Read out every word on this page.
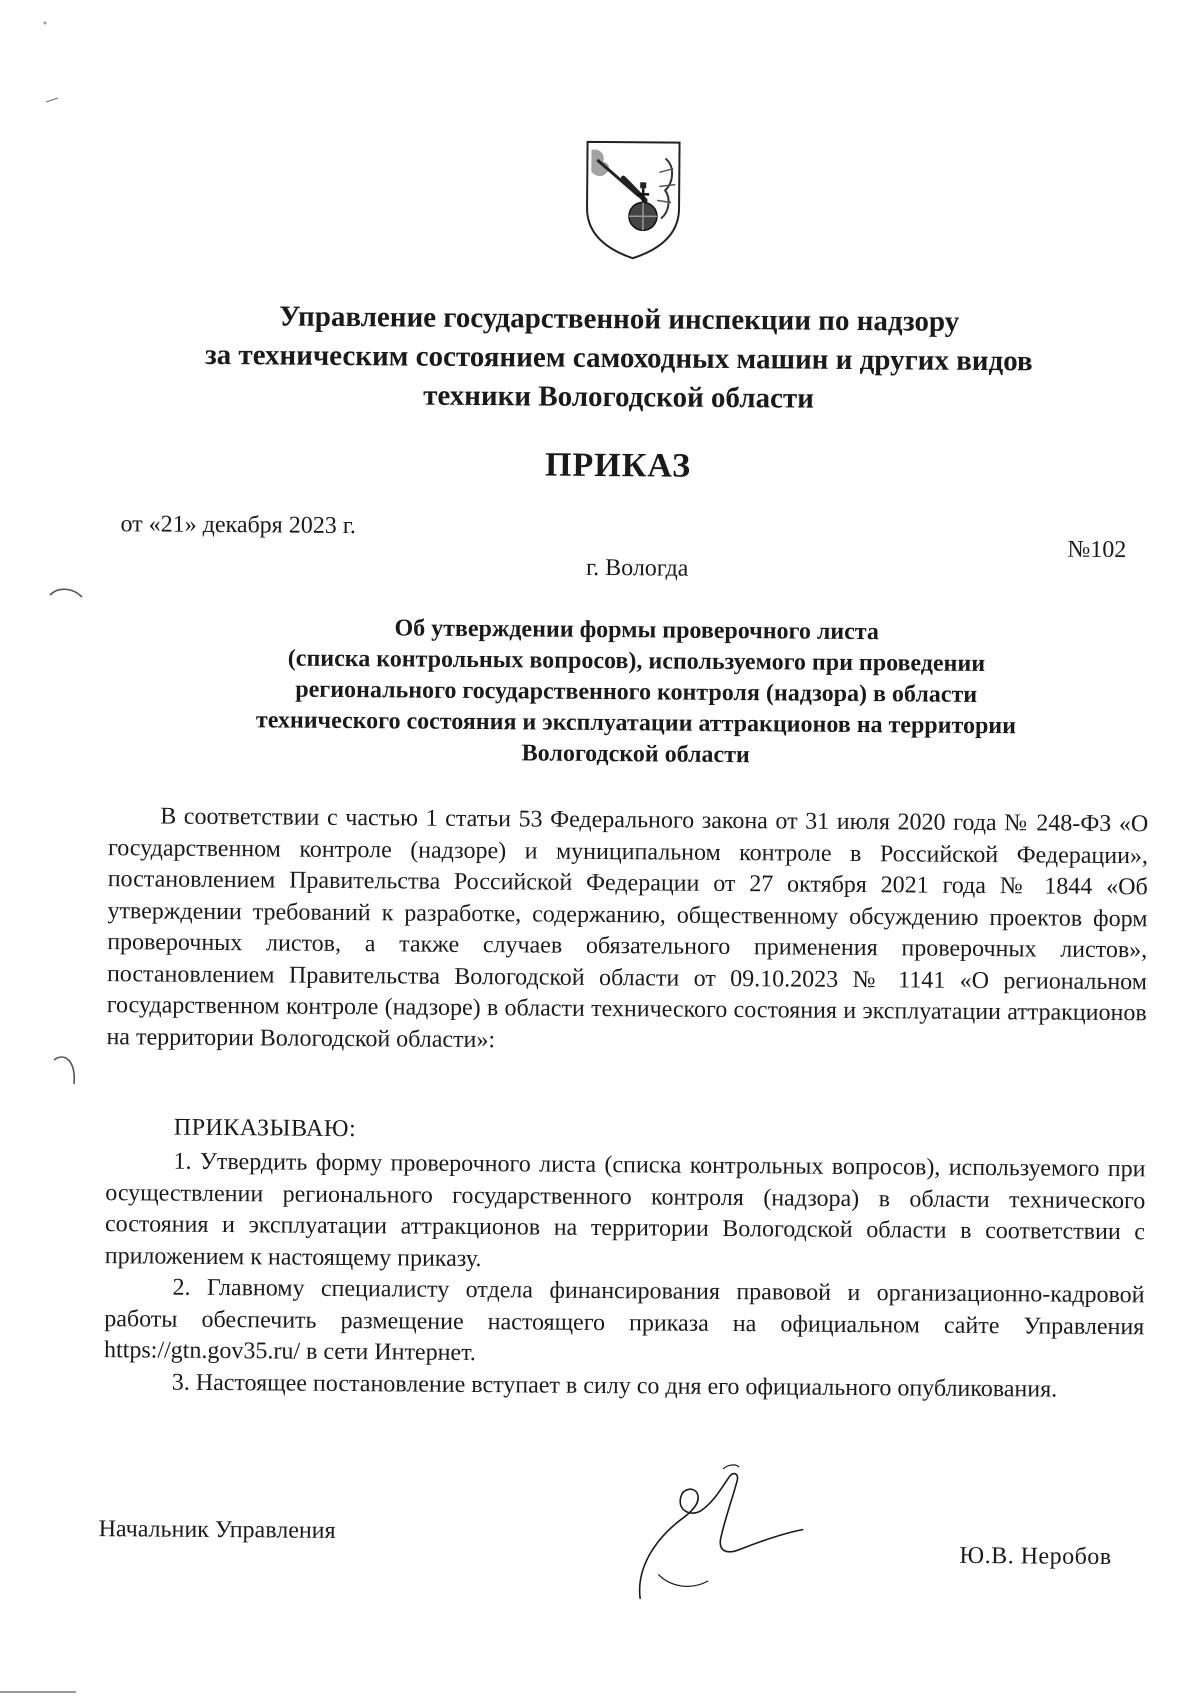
Управление государственной инспекции по надзору
за техническим состоянием самоходных машин и других видов
техники Вологодской области
ПРИКАЗ
от «21» декабря 2023 г.
№102
г. Вологда
Об утверждении формы проверочного листа
(списка контрольных вопросов), используемого при проведении
регионального государственного контроля (надзора) в области
технического состояния и эксплуатации аттракционов на территории
Вологодской области

В соответствии с частью 1 статьи 53 Федерального закона от 31 июля 2020 года № 248-ФЗ «О государственном контроле (надзоре) и муниципальном контроле в Российской Федерации», постановлением Правительства Российской Федерации от 27 октября 2021 года № 1844 «Об утверждении требований к разработке, содержанию, общественному обсуждению проектов форм проверочных листов, а также случаев обязательного применения проверочных листов», постановлением Правительства Вологодской области от 09.10.2023 № 1141 «О региональном государственном контроле (надзоре) в области технического состояния и эксплуатации аттракционов на территории Вологодской области»:

ПРИКАЗЫВАЮ:

1. Утвердить форму проверочного листа (списка контрольных вопросов), используемого при осуществлении регионального государственного контроля (надзора) в области технического состояния и эксплуатации аттракционов на территории Вологодской области в соответствии с приложением к настоящему приказу.

2. Главному специалисту отдела финансирования правовой и организационно-кадровой работы обеспечить размещение настоящего приказа на официальном сайте Управления https://gtn.gov35.ru/ в сети Интернет.

3. Настоящее постановление вступает в силу со дня его официального опубликования.

Начальник Управления
Ю.В. Неробов
